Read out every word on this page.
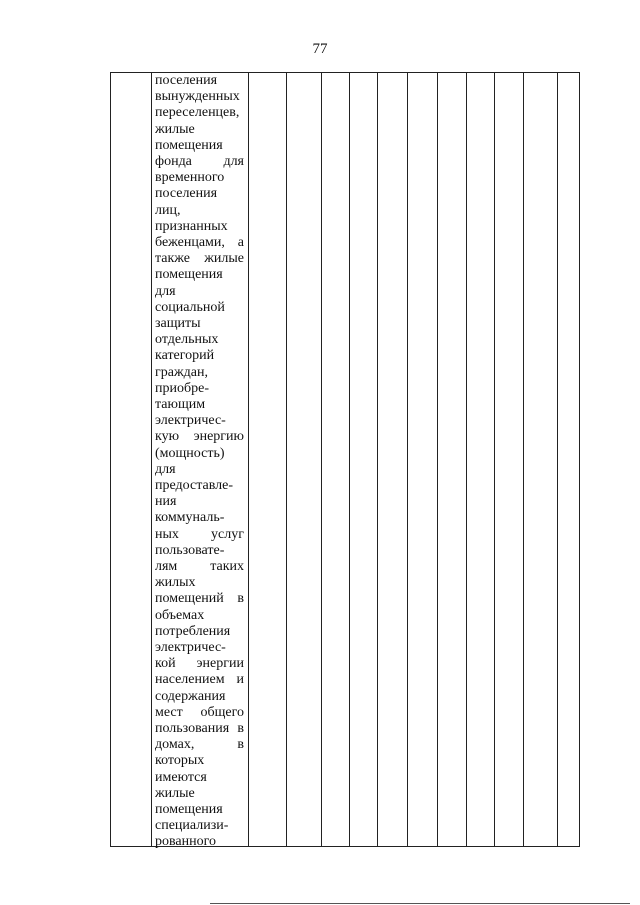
77
поселения
вынужденных
переселенцев,
жилые
помещения
фонда для
временного
поселения
лиц,
признанных
беженцами, а
также жилые
помещения
для
социальной
защиты
отдельных
категорий
граждан,
приобре-
тающим
электричес-
кую энергию
(мощность)
для
предоставле-
ния
коммуналь-
ных услуг
пользовате-
лям таких
жилых
помещений в
объемах
потребления
электричес-
кой энергии
населением и
содержания
мест общего
пользования в
домах, в
которых
имеются
жилые
помещения
специализи-
рованного
